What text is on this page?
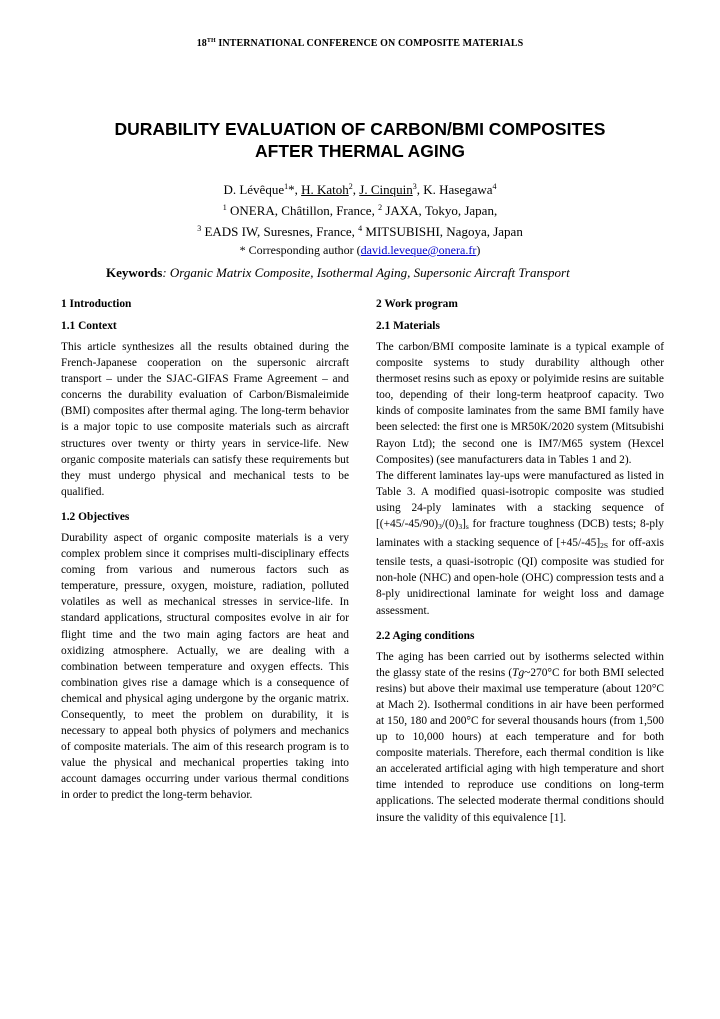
18TH INTERNATIONAL CONFERENCE ON COMPOSITE MATERIALS
DURABILITY EVALUATION OF CARBON/BMI COMPOSITES
AFTER THERMAL AGING
D. Lévêque$^1$*, H. Katoh$^2$, J. Cinquin$^3$, K. Hasegawa$^4$
$^1$ ONERA, Châtillon, France, $^2$ JAXA, Tokyo, Japan,
$^3$ EADS IW, Suresnes, France, $^4$ MITSUBISHI, Nagoya, Japan
* Corresponding author (david.leveque@onera.fr)
Keywords: Organic Matrix Composite, Isothermal Aging, Supersonic Aircraft Transport
1 Introduction
1.1 Context

This article synthesizes all the results obtained during the French-Japanese cooperation on the supersonic aircraft transport – under the SJAC-GIFAS Frame Agreement – and concerns the durability evaluation of Carbon/Bismaleimide (BMI) composites after thermal aging. The long-term behavior is a major topic to use composite materials such as aircraft structures over twenty or thirty years in service-life. New organic composite materials can satisfy these requirements but they must undergo physical and mechanical tests to be qualified.

1.2 Objectives

Durability aspect of organic composite materials is a very complex problem since it comprises multi-disciplinary effects coming from various and numerous factors such as temperature, pressure, oxygen, moisture, radiation, polluted volatiles as well as mechanical stresses in service-life. In standard applications, structural composites evolve in air for flight time and the two main aging factors are heat and oxidizing atmosphere. Actually, we are dealing with a combination between temperature and oxygen effects. This combination gives rise a damage which is a consequence of chemical and physical aging undergone by the organic matrix. Consequently, to meet the problem on durability, it is necessary to appeal both physics of polymers and mechanics of composite materials. The aim of this research program is to value the physical and mechanical properties taking into account damages occurring under various thermal conditions in order to predict the long-term behavior.

2 Work program
2.1 Materials

The carbon/BMI composite laminate is a typical example of composite systems to study durability although other thermoset resins such as epoxy or polyimide resins are suitable too, depending of their long-term heatproof capacity. Two kinds of composite laminates from the same BMI family have been selected: the first one is MR50K/2020 system (Mitsubishi Rayon Ltd); the second one is IM7/M65 system (Hexcel Composites) (see manufacturers data in Tables 1 and 2).

The different laminates lay-ups were manufactured as listed in Table 3. A modified quasi-isotropic composite was studied using 24-ply laminates with a stacking sequence of $[(+45/-45/90)_3/(0)_3]_s$ for fracture toughness (DCB) tests; 8-ply laminates with a stacking sequence of $[+45/-45]_{2S}$ for off-axis tensile tests, a quasi-isotropic (QI) composite was studied for non-hole (NHC) and open-hole (OHC) compression tests and a 8-ply unidirectional laminate for weight loss and damage assessment.

2.2 Aging conditions

The aging has been carried out by isotherms selected within the glassy state of the resins (Tg~270°C for both BMI selected resins) but above their maximal use temperature (about 120°C at Mach 2). Isothermal conditions in air have been performed at 150, 180 and 200°C for several thousands hours (from 1,500 up to 10,000 hours) at each temperature and for both composite materials. Therefore, each thermal condition is like an accelerated artificial aging with high temperature and short time intended to reproduce use conditions on long-term applications. The selected moderate thermal conditions should insure the validity of this equivalence [1].
